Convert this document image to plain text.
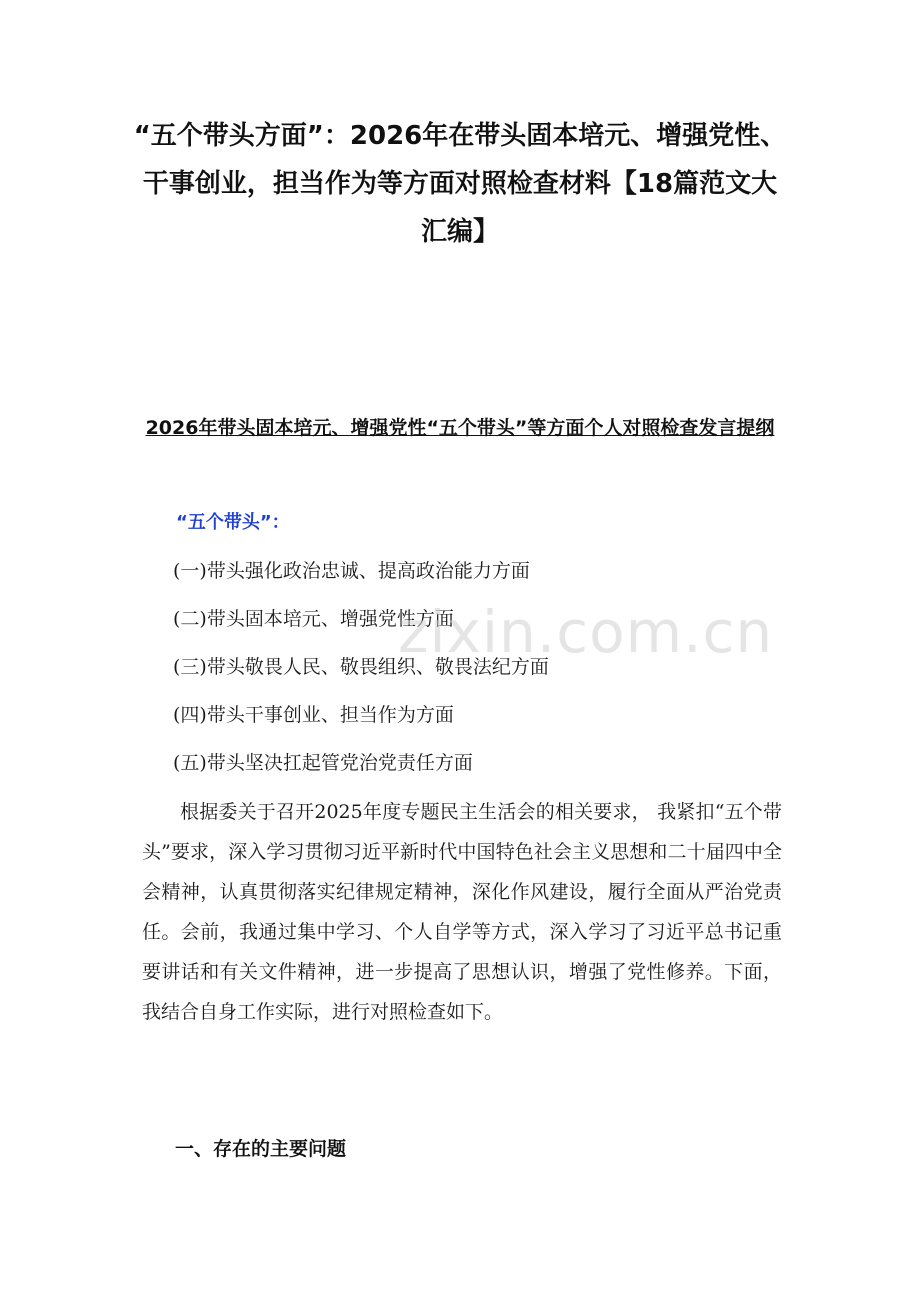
“五个带头方面”：2026年在带头固本培元、增强党性、干事创业，担当作为等方面对照检查材料【18篇范文大汇编】
2026年带头固本培元、增强党性“五个带头”等方面个人对照检查发言提纲
“五个带头”：
(一)带头强化政治忠诚、提高政治能力方面
(二)带头固本培元、增强党性方面
(三)带头敬畏人民、敬畏组织、敬畏法纪方面
(四)带头干事创业、担当作为方面
(五)带头坚决扛起管党治党责任方面
根据委关于召开2025年度专题民主生活会的相关要求， 我紧扣“五个带头”要求，深入学习贯彻习近平新时代中国特色社会主义思想和二十届四中全会精神，认真贯彻落实纪律规定精神，深化作风建设，履行全面从严治党责任。会前，我通过集中学习、个人自学等方式，深入学习了习近平总书记重要讲话和有关文件精神，进一步提高了思想认识，增强了党性修养。下面， 我结合自身工作实际，进行对照检查如下。
一、存在的主要问题
zixin.com.cn
